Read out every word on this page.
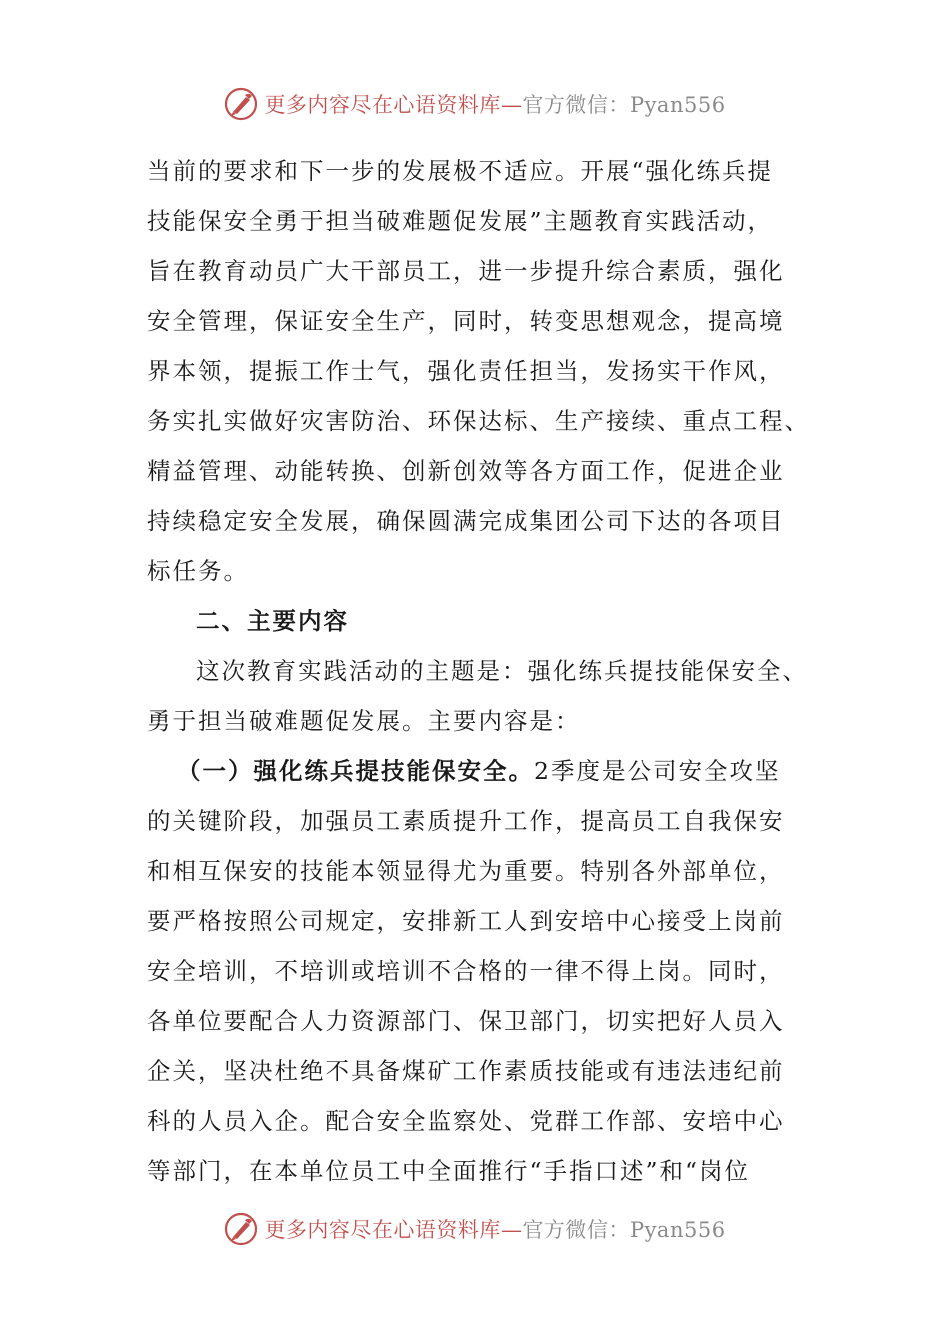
更多内容尽在心语资料库—官方微信：Pyan556
当前的要求和下一步的发展极不适应。开展“强化练兵提
技能保安全勇于担当破难题促发展”主题教育实践活动，
旨在教育动员广大干部员工，进一步提升综合素质，强化
安全管理，保证安全生产，同时，转变思想观念，提高境
界本领，提振工作士气，强化责任担当，发扬实干作风，
务实扎实做好灾害防治、环保达标、生产接续、重点工程、
精益管理、动能转换、创新创效等各方面工作，促进企业
持续稳定安全发展，确保圆满完成集团公司下达的各项目
标任务。
二、主要内容
这次教育实践活动的主题是：强化练兵提技能保安全、
勇于担当破难题促发展。主要内容是：
（一）强化练兵提技能保安全。2季度是公司安全攻坚
的关键阶段，加强员工素质提升工作，提高员工自我保安
和相互保安的技能本领显得尤为重要。特别各外部单位，
要严格按照公司规定，安排新工人到安培中心接受上岗前
安全培训，不培训或培训不合格的一律不得上岗。同时，
各单位要配合人力资源部门、保卫部门，切实把好人员入
企关，坚决杜绝不具备煤矿工作素质技能或有违法违纪前
科的人员入企。配合安全监察处、党群工作部、安培中心
等部门，在本单位员工中全面推行“手指口述”和“岗位
更多内容尽在心语资料库—官方微信：Pyan556
